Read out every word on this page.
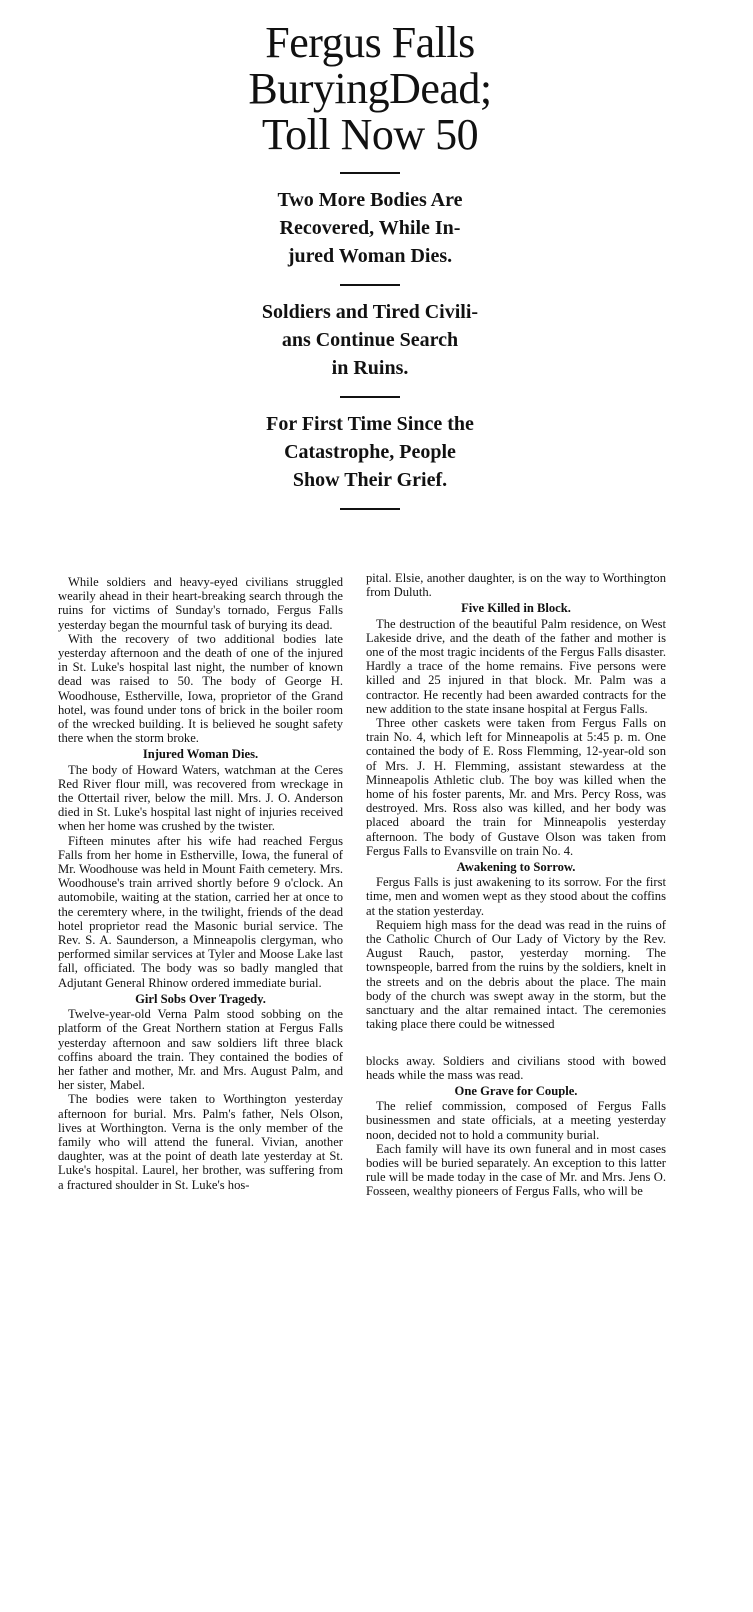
Fergus Falls
BuryingDead;
Toll Now 50

Two More Bodies Are
Recovered, While In-
jured Woman Dies.

Soldiers and Tired Civili-
ans Continue Search
in Ruins.

For First Time Since the
Catastrophe, People
Show Their Grief.

While soldiers and heavy-eyed civilians struggled wearily ahead in their heart-breaking search through the ruins for victims of Sunday's tornado, Fergus Falls yesterday began the mournful task of burying its dead.

With the recovery of two additional bodies late yesterday afternoon and the death of one of the injured in St. Luke's hospital last night, the number of known dead was raised to 50. The body of George H. Woodhouse, Estherville, Iowa, proprietor of the Grand hotel, was found under tons of brick in the boiler room of the wrecked building. It is believed he sought safety there when the storm broke.

Injured Woman Dies.

The body of Howard Waters, watchman at the Ceres Red River flour mill, was recovered from wreckage in the Ottertail river, below the mill. Mrs. J. O. Anderson died in St. Luke's hospital last night of injuries received when her home was crushed by the twister.

Fifteen minutes after his wife had reached Fergus Falls from her home in Estherville, Iowa, the funeral of Mr. Woodhouse was held in Mount Faith cemetery. Mrs. Woodhouse's train arrived shortly before 9 o'clock. An automobile, waiting at the station, carried her at once to the ceremtery where, in the twilight, friends of the dead hotel proprietor read the Masonic burial service. The Rev. S. A. Saunderson, a Minneapolis clergyman, who performed similar services at Tyler and Moose Lake last fall, officiated. The body was so badly mangled that Adjutant General Rhinow ordered immediate burial.

Girl Sobs Over Tragedy.

Twelve-year-old Verna Palm stood sobbing on the platform of the Great Northern station at Fergus Falls yesterday afternoon and saw soldiers lift three black coffins aboard the train. They contained the bodies of her father and mother, Mr. and Mrs. August Palm, and her sister, Mabel.

The bodies were taken to Worthington yesterday afternoon for burial. Mrs. Palm's father, Nels Olson, lives at Worthington. Verna is the only member of the family who will attend the funeral. Vivian, another daughter, was at the point of death late yesterday at St. Luke's hospital. Laurel, her brother, was suffering from a fractured shoulder in St. Luke's hos-

pital. Elsie, another daughter, is on the way to Worthington from Duluth.

Five Killed in Block.

The destruction of the beautiful Palm residence, on West Lakeside drive, and the death of the father and mother is one of the most tragic incidents of the Fergus Falls disaster. Hardly a trace of the home remains. Five persons were killed and 25 injured in that block. Mr. Palm was a contractor. He recently had been awarded contracts for the new addition to the state insane hospital at Fergus Falls.

Three other caskets were taken from Fergus Falls on train No. 4, which left for Minneapolis at 5:45 p. m. One contained the body of E. Ross Flemming, 12-year-old son of Mrs. J. H. Flemming, assistant stewardess at the Minneapolis Athletic club. The boy was killed when the home of his foster parents, Mr. and Mrs. Percy Ross, was destroyed. Mrs. Ross also was killed, and her body was placed aboard the train for Minneapolis yesterday afternoon. The body of Gustave Olson was taken from Fergus Falls to Evansville on train No. 4.

Awakening to Sorrow.

Fergus Falls is just awakening to its sorrow. For the first time, men and women wept as they stood about the coffins at the station yesterday.

Requiem high mass for the dead was read in the ruins of the Catholic Church of Our Lady of Victory by the Rev. August Rauch, pastor, yesterday morning. The townspeople, barred from the ruins by the soldiers, knelt in the streets and on the debris about the place. The main body of the church was swept away in the storm, but the sanctuary and the altar remained intact. The ceremonies taking place there could be witnessed

blocks away. Soldiers and civilians stood with bowed heads while the mass was read.

One Grave for Couple.

The relief commission, composed of Fergus Falls businessmen and state officials, at a meeting yesterday noon, decided not to hold a community burial.

Each family will have its own funeral and in most cases bodies will be buried separately. An exception to this latter rule will be made today in the case of Mr. and Mrs. Jens O. Fosseen, wealthy pioneers of Fergus Falls, who will be
